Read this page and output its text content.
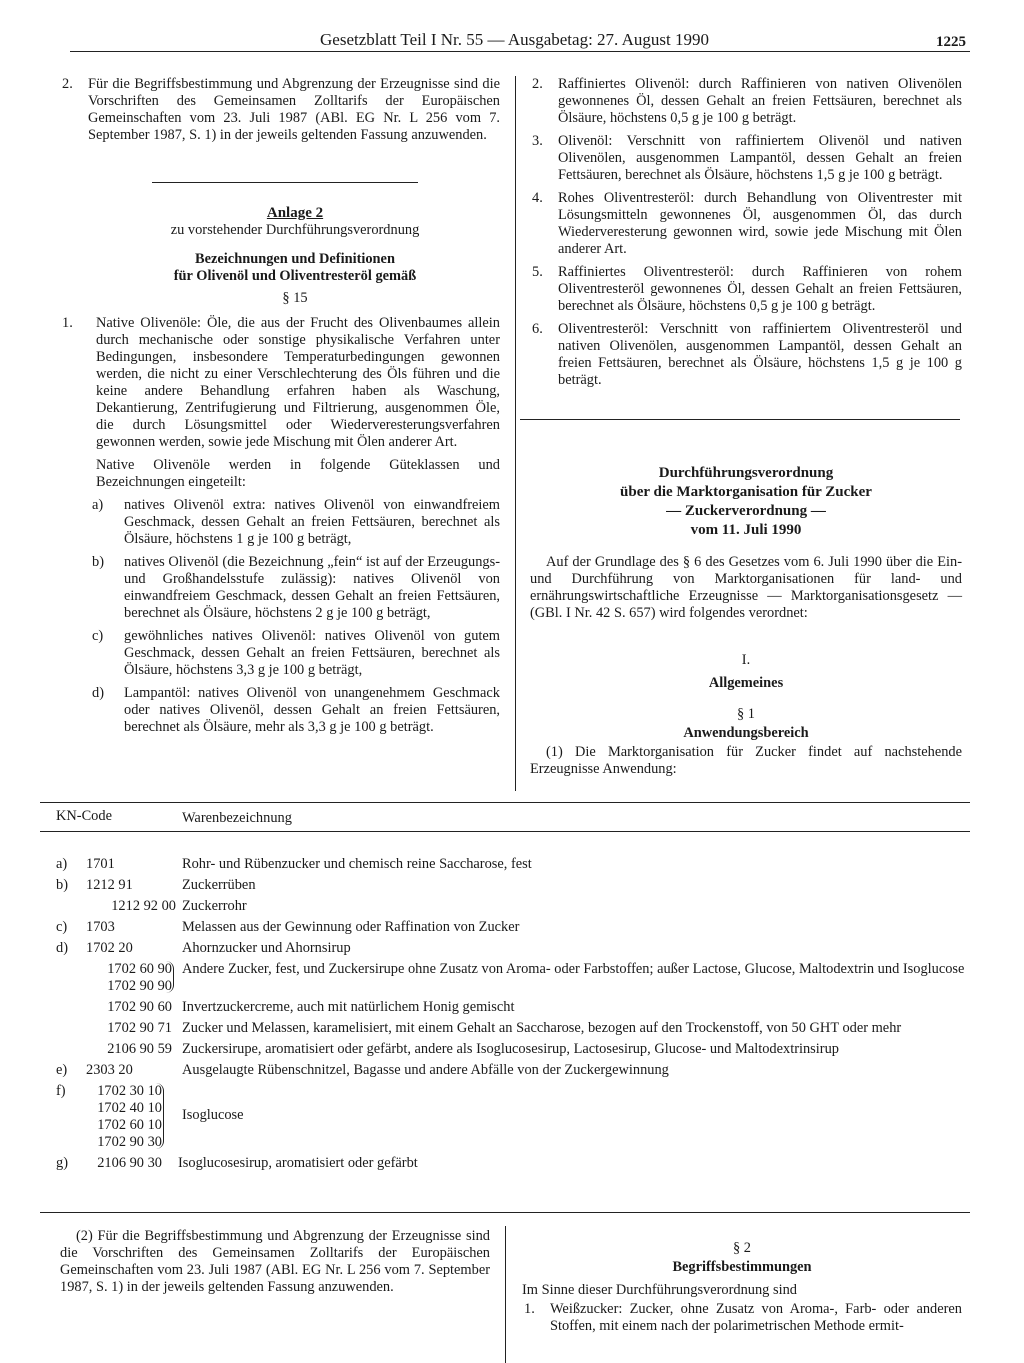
Gesetzblatt Teil I Nr. 55 — Ausgabetag: 27. August 1990	1225
2. Für die Begriffsbestimmung und Abgrenzung der Erzeugnisse sind die Vorschriften des Gemeinsamen Zolltarifs der Europäischen Gemeinschaften vom 23. Juli 1987 (ABl. EG Nr. L 256 vom 7. September 1987, S. 1) in der jeweils geltenden Fassung anzuwenden.
Anlage 2
zu vorstehender Durchführungsverordnung
Bezeichnungen und Definitionen
für Olivenöl und Oliventresteröl gemäß
§ 15
1. Native Olivenöle: Öle, die aus der Frucht des Olivenbaumes allein durch mechanische oder sonstige physikalische Verfahren unter Bedingungen, insbesondere Temperaturbedingungen gewonnen werden, die nicht zu einer Verschlechterung des Öls führen und die keine andere Behandlung erfahren haben als Waschung, Dekantierung, Zentrifugierung und Filtrierung, ausgenommen Öle, die durch Lösungsmittel oder Wiederveresterungsverfahren gewonnen werden, sowie jede Mischung mit Ölen anderer Art.
Native Olivenöle werden in folgende Güteklassen und Bezeichnungen eingeteilt:
a) natives Olivenöl extra: natives Olivenöl von einwandfreiem Geschmack, dessen Gehalt an freien Fettsäuren, berechnet als Ölsäure, höchstens 1 g je 100 g beträgt,
b) natives Olivenöl (die Bezeichnung „fein“ ist auf der Erzeugungs- und Großhandelsstufe zulässig): natives Olivenöl von einwandfreiem Geschmack, dessen Gehalt an freien Fettsäuren, berechnet als Ölsäure, höchstens 2 g je 100 g beträgt,
c) gewöhnliches natives Olivenöl: natives Olivenöl von gutem Geschmack, dessen Gehalt an freien Fettsäuren, berechnet als Ölsäure, höchstens 3,3 g je 100 g beträgt,
d) Lampantöl: natives Olivenöl von unangenehmem Geschmack oder natives Olivenöl, dessen Gehalt an freien Fettsäuren, berechnet als Ölsäure, mehr als 3,3 g je 100 g beträgt.
2. Raffiniertes Olivenöl: durch Raffinieren von nativen Olivenölen gewonnenes Öl, dessen Gehalt an freien Fettsäuren, berechnet als Ölsäure, höchstens 0,5 g je 100 g beträgt.
3. Olivenöl: Verschnitt von raffiniertem Olivenöl und nativen Olivenölen, ausgenommen Lampantöl, dessen Gehalt an freien Fettsäuren, berechnet als Ölsäure, höchstens 1,5 g je 100 g beträgt.
4. Rohes Oliventresteröl: durch Behandlung von Oliventrester mit Lösungsmitteln gewonnenes Öl, ausgenommen Öl, das durch Wiederveresterung gewonnen wird, sowie jede Mischung mit Ölen anderer Art.
5. Raffiniertes Oliventresteröl: durch Raffinieren von rohem Oliventresteröl gewonnenes Öl, dessen Gehalt an freien Fettsäuren, berechnet als Ölsäure, höchstens 0,5 g je 100 g beträgt.
6. Oliventresteröl: Verschnitt von raffiniertem Oliventresteröl und nativen Olivenölen, ausgenommen Lampantöl, dessen Gehalt an freien Fettsäuren, berechnet als Ölsäure, höchstens 1,5 g je 100 g beträgt.
Durchführungsverordnung
über die Marktorganisation für Zucker
— Zuckerverordnung —
vom 11. Juli 1990
Auf der Grundlage des § 6 des Gesetzes vom 6. Juli 1990 über die Ein- und Durchführung von Marktorganisationen für land- und ernährungswirtschaftliche Erzeugnisse — Marktorganisationsgesetz — (GBl. I Nr. 42 S. 657) wird folgendes verordnet:
I.
Allgemeines
§ 1
Anwendungsbereich
(1) Die Marktorganisation für Zucker findet auf nachstehende Erzeugnisse Anwendung:
KN-Code	Warenbezeichnung
a) 1701	Rohr- und Rübenzucker und chemisch reine Saccharose, fest
b) 1212 91	Zuckerrüben
1212 92 00 Zuckerrohr
c) 1703	Melassen aus der Gewinnung oder Raffination von Zucker
d) 1702 20	Ahornzucker und Ahornsirup
1702 60 90
1702 90 90
Andere Zucker, fest, und Zuckersirupe ohne Zusatz von Aroma- oder Farbstoffen; außer Lactose, Glucose, Maltodextrin und Isoglucose
1702 90 60 Invertzuckercreme, auch mit natürlichem Honig gemischt
1702 90 71 Zucker und Melassen, karamelisiert, mit einem Gehalt an Saccharose, bezogen auf den Trockenstoff, von 50 GHT oder mehr
2106 90 59 Zuckersirupe, aromatisiert oder gefärbt, andere als Isoglucosesirup, Lactosesirup, Glucose- und Maltodextrinsirup
e) 2303 20	Ausgelaugte Rübenschnitzel, Bagasse und andere Abfälle von der Zuckergewinnung
f)	1702 30 10
1702 40 10
1702 60 10
1702 90 30
Isoglucose
g)	2106 90 30 Isoglucosesirup, aromatisiert oder gefärbt
(2) Für die Begriffsbestimmung und Abgrenzung der Erzeugnisse sind die Vorschriften des Gemeinsamen Zolltarifs der Europäischen Gemeinschaften vom 23. Juli 1987 (ABl. EG Nr. L 256 vom 7. September 1987, S. 1) in der jeweils geltenden Fassung anzuwenden.
§ 2
Begriffsbestimmungen
Im Sinne dieser Durchführungsverordnung sind
1. Weißzucker: Zucker, ohne Zusatz von Aroma-, Farb- oder anderen Stoffen, mit einem nach der polarimetrischen Methode ermit-
